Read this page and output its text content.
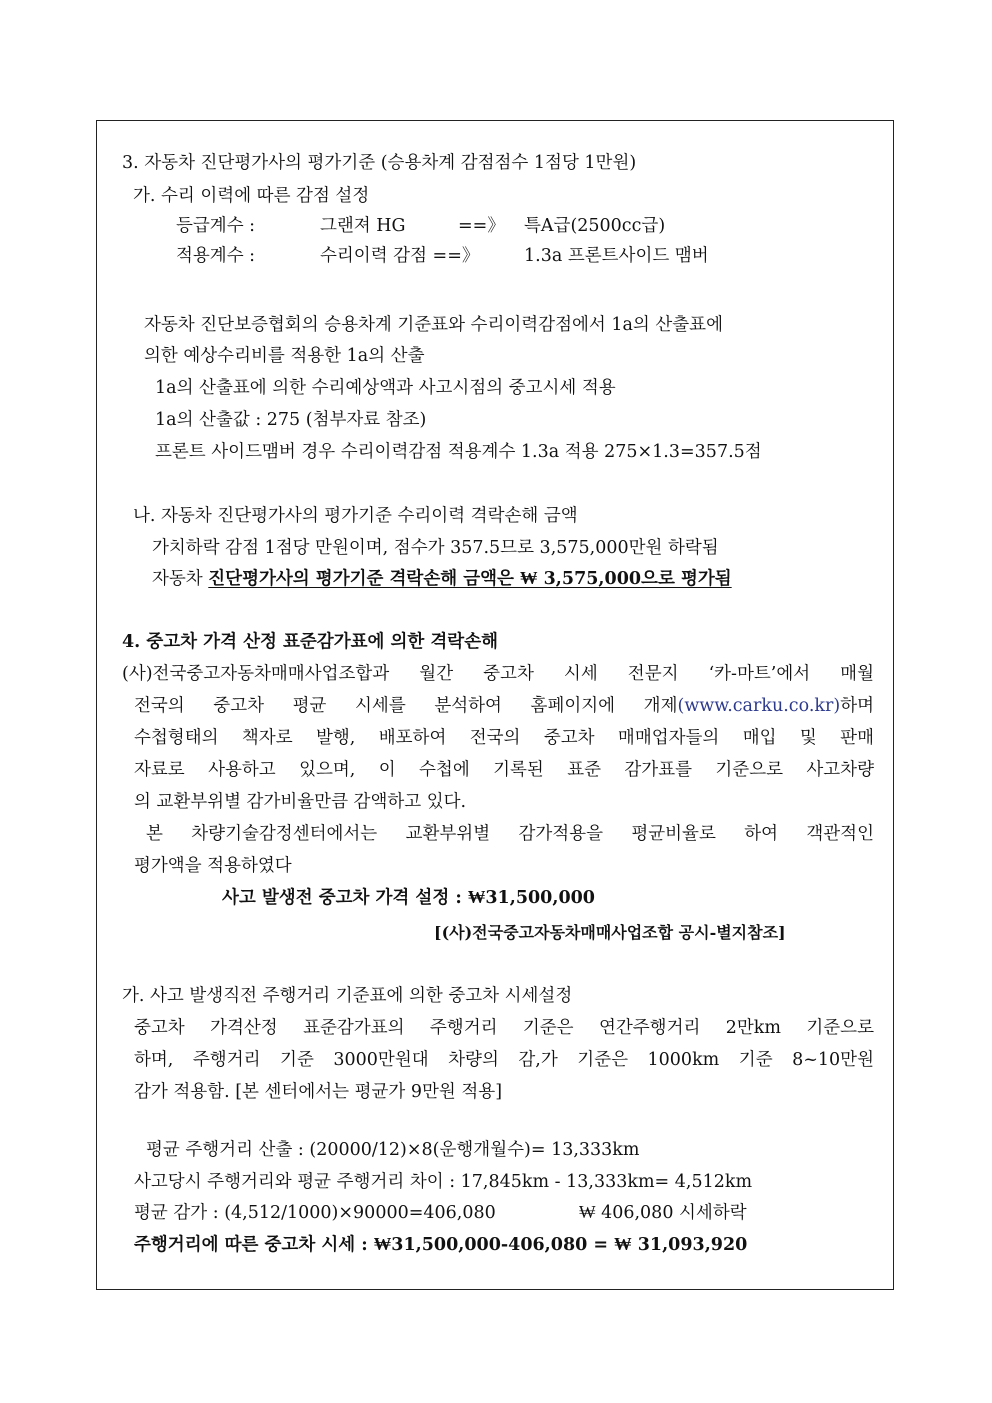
3. 자동차 진단평가사의 평가기준 (승용차계 감점점수 1점당 1만원)
가. 수리 이력에 따른 감점 설정
등급계수 :	그랜져 HG	==》 특A급(2500cc급)
적용계수 :	수리이력 감점 ==》	1.3a 프론트사이드 맴버
자동차 진단보증협회의 승용차계 기준표와 수리이력감점에서 1a의 산출표에
의한 예상수리비를 적용한 1a의 산출
1a의 산출표에 의한 수리예상액과 사고시점의 중고시세 적용
1a의 산출값 : 275 (첨부자료 참조)
프론트 사이드맴버 경우 수리이력감점 적용계수 1.3a 적용 275×1.3=357.5점
나. 자동차 진단평가사의 평가기준 수리이력 격락손해 금액
가치하락 감점 1점당 만원이며, 점수가 357.5므로 3,575,000만원 하락됨
자동차 진단평가사의 평가기준 격락손해 금액은 ₩ 3,575,000으로 평가됨
4. 중고차 가격 산정 표준감가표에 의한 격락손해
(사)전국중고자동차매매사업조합과 월간 중고차 시세 전문지 ‘카-마트’에서 매월
전국의 중고차 평균 시세를 분석하여 홈페이지에 개제(www.carku.co.kr)하며
수첩형태의 책자로 발행, 배포하여 전국의 중고차 매매업자들의 매입 및 판매
자료로 사용하고 있으며, 이 수첩에 기록된 표준 감가표를 기준으로 사고차량
의 교환부위별 감가비율만큼 감액하고 있다.
본 차량기술감정센터에서는 교환부위별 감가적용을 평균비율로 하여 객관적인
평가액을 적용하였다
사고 발생전 중고차 가격 설정 : ₩31,500,000
[(사)전국중고자동차매매사업조합 공시-별지참조]
가. 사고 발생직전 주행거리 기준표에 의한 중고차 시세설정
중고차 가격산정 표준감가표의 주행거리 기준은 연간주행거리 2만km 기준으로
하며, 주행거리 기준 3000만원대 차량의 감,가 기준은 1000km 기준 8~10만원
감가 적용함. [본 센터에서는 평균가 9만원 적용]
평균 주행거리 산출 : (20000/12)×8(운행개월수)= 13,333km
사고당시 주행거리와 평균 주행거리 차이 : 17,845km - 13,333km= 4,512km
평균 감가 : (4,512/1000)×90000=406,080	₩ 406,080 시세하락
주행거리에 따른 중고차 시세 : ₩31,500,000-406,080 = ₩ 31,093,920
